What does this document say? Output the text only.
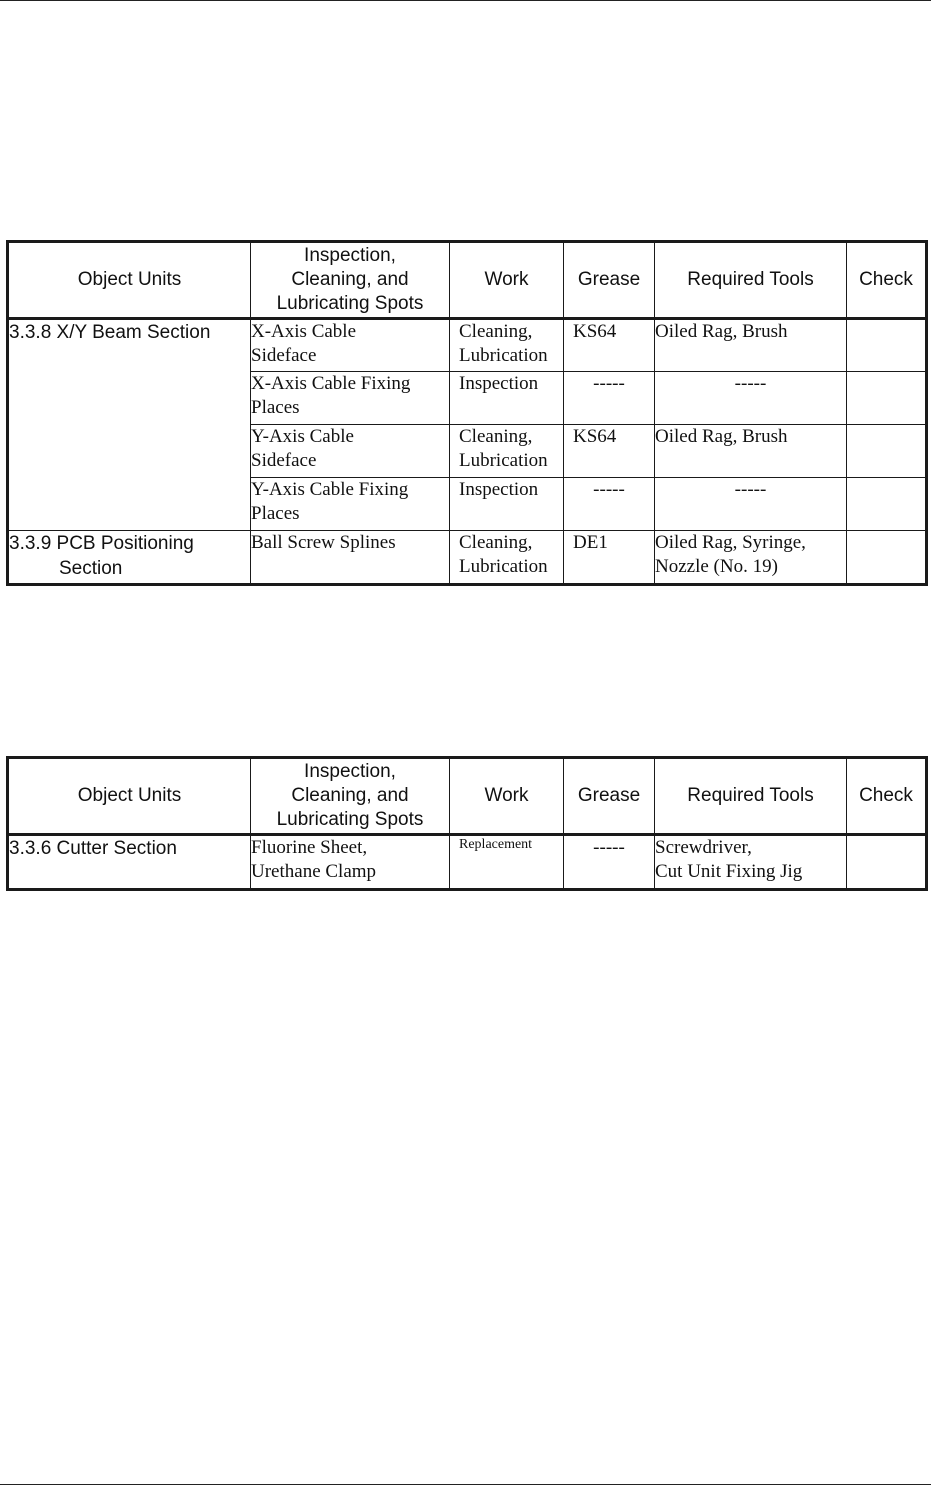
Object Units	Inspection,
Cleaning, and
Lubricating Spots	Work	Grease	Required Tools	Check
3.3.8 X/Y Beam Section	X-Axis Cable
Sideface	Cleaning,
Lubrication	KS64	Oiled Rag, Brush	

	X-Axis Cable Fixing
Places	Inspection	-----	-----	

	Y-Axis Cable
Sideface	Cleaning,
Lubrication	KS64	Oiled Rag, Brush	

	Y-Axis Cable Fixing
Places	Inspection	-----	-----	

3.3.9 PCB Positioning
Section	Ball Screw Splines	Cleaning,
Lubrication	DE1	Oiled Rag, Syringe,
Nozzle (No. 19)	

Object Units	Inspection,
Cleaning, and
Lubricating Spots	Work	Grease	Required Tools	Check
3.3.6 Cutter Section	Fluorine Sheet,
Urethane Clamp	Replacement	-----	Screwdriver,
Cut Unit Fixing Jig	
